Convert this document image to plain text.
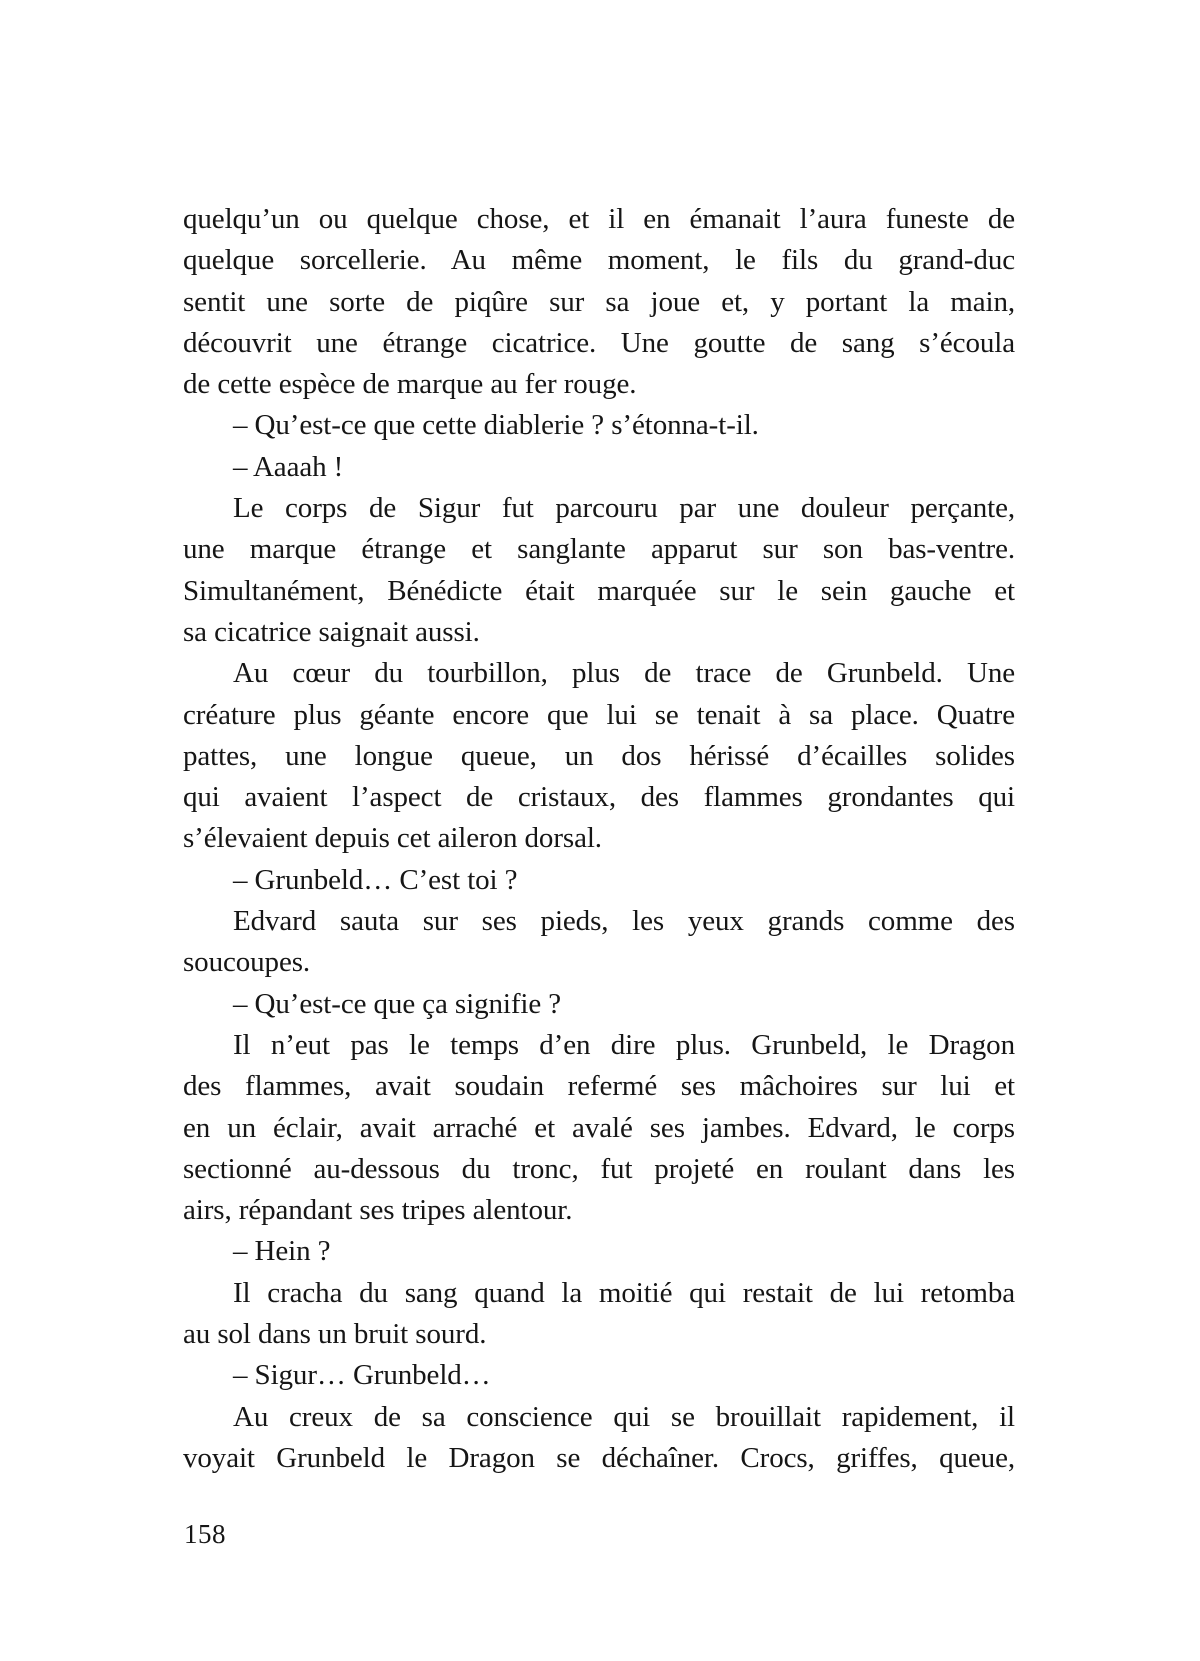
quelqu’un ou quelque chose, et il en émanait l’aura funeste de

quelque sorcellerie. Au même moment, le fils du grand-duc

sentit une sorte de piqûre sur sa joue et, y portant la main,

découvrit une étrange cicatrice. Une goutte de sang s’écoula

de cette espèce de marque au fer rouge.

– Qu’est-ce que cette diablerie ? s’étonna-t-il.

– Aaaah !

Le corps de Sigur fut parcouru par une douleur perçante,

une marque étrange et sanglante apparut sur son bas-ventre.

Simultanément, Bénédicte était marquée sur le sein gauche et

sa cicatrice saignait aussi.

Au cœur du tourbillon, plus de trace de Grunbeld. Une

créature plus géante encore que lui se tenait à sa place. Quatre

pattes, une longue queue, un dos hérissé d’écailles solides

qui avaient l’aspect de cristaux, des flammes grondantes qui

s’élevaient depuis cet aileron dorsal.

– Grunbeld… C’est toi ?

Edvard sauta sur ses pieds, les yeux grands comme des

soucoupes.

– Qu’est-ce que ça signifie ?

Il n’eut pas le temps d’en dire plus. Grunbeld, le Dragon

des flammes, avait soudain refermé ses mâchoires sur lui et

en un éclair, avait arraché et avalé ses jambes. Edvard, le corps

sectionné au-dessous du tronc, fut projeté en roulant dans les

airs, répandant ses tripes alentour.

– Hein ?

Il cracha du sang quand la moitié qui restait de lui retomba

au sol dans un bruit sourd.

– Sigur… Grunbeld…

Au creux de sa conscience qui se brouillait rapidement, il

voyait Grunbeld le Dragon se déchaîner. Crocs, griffes, queue,

158
